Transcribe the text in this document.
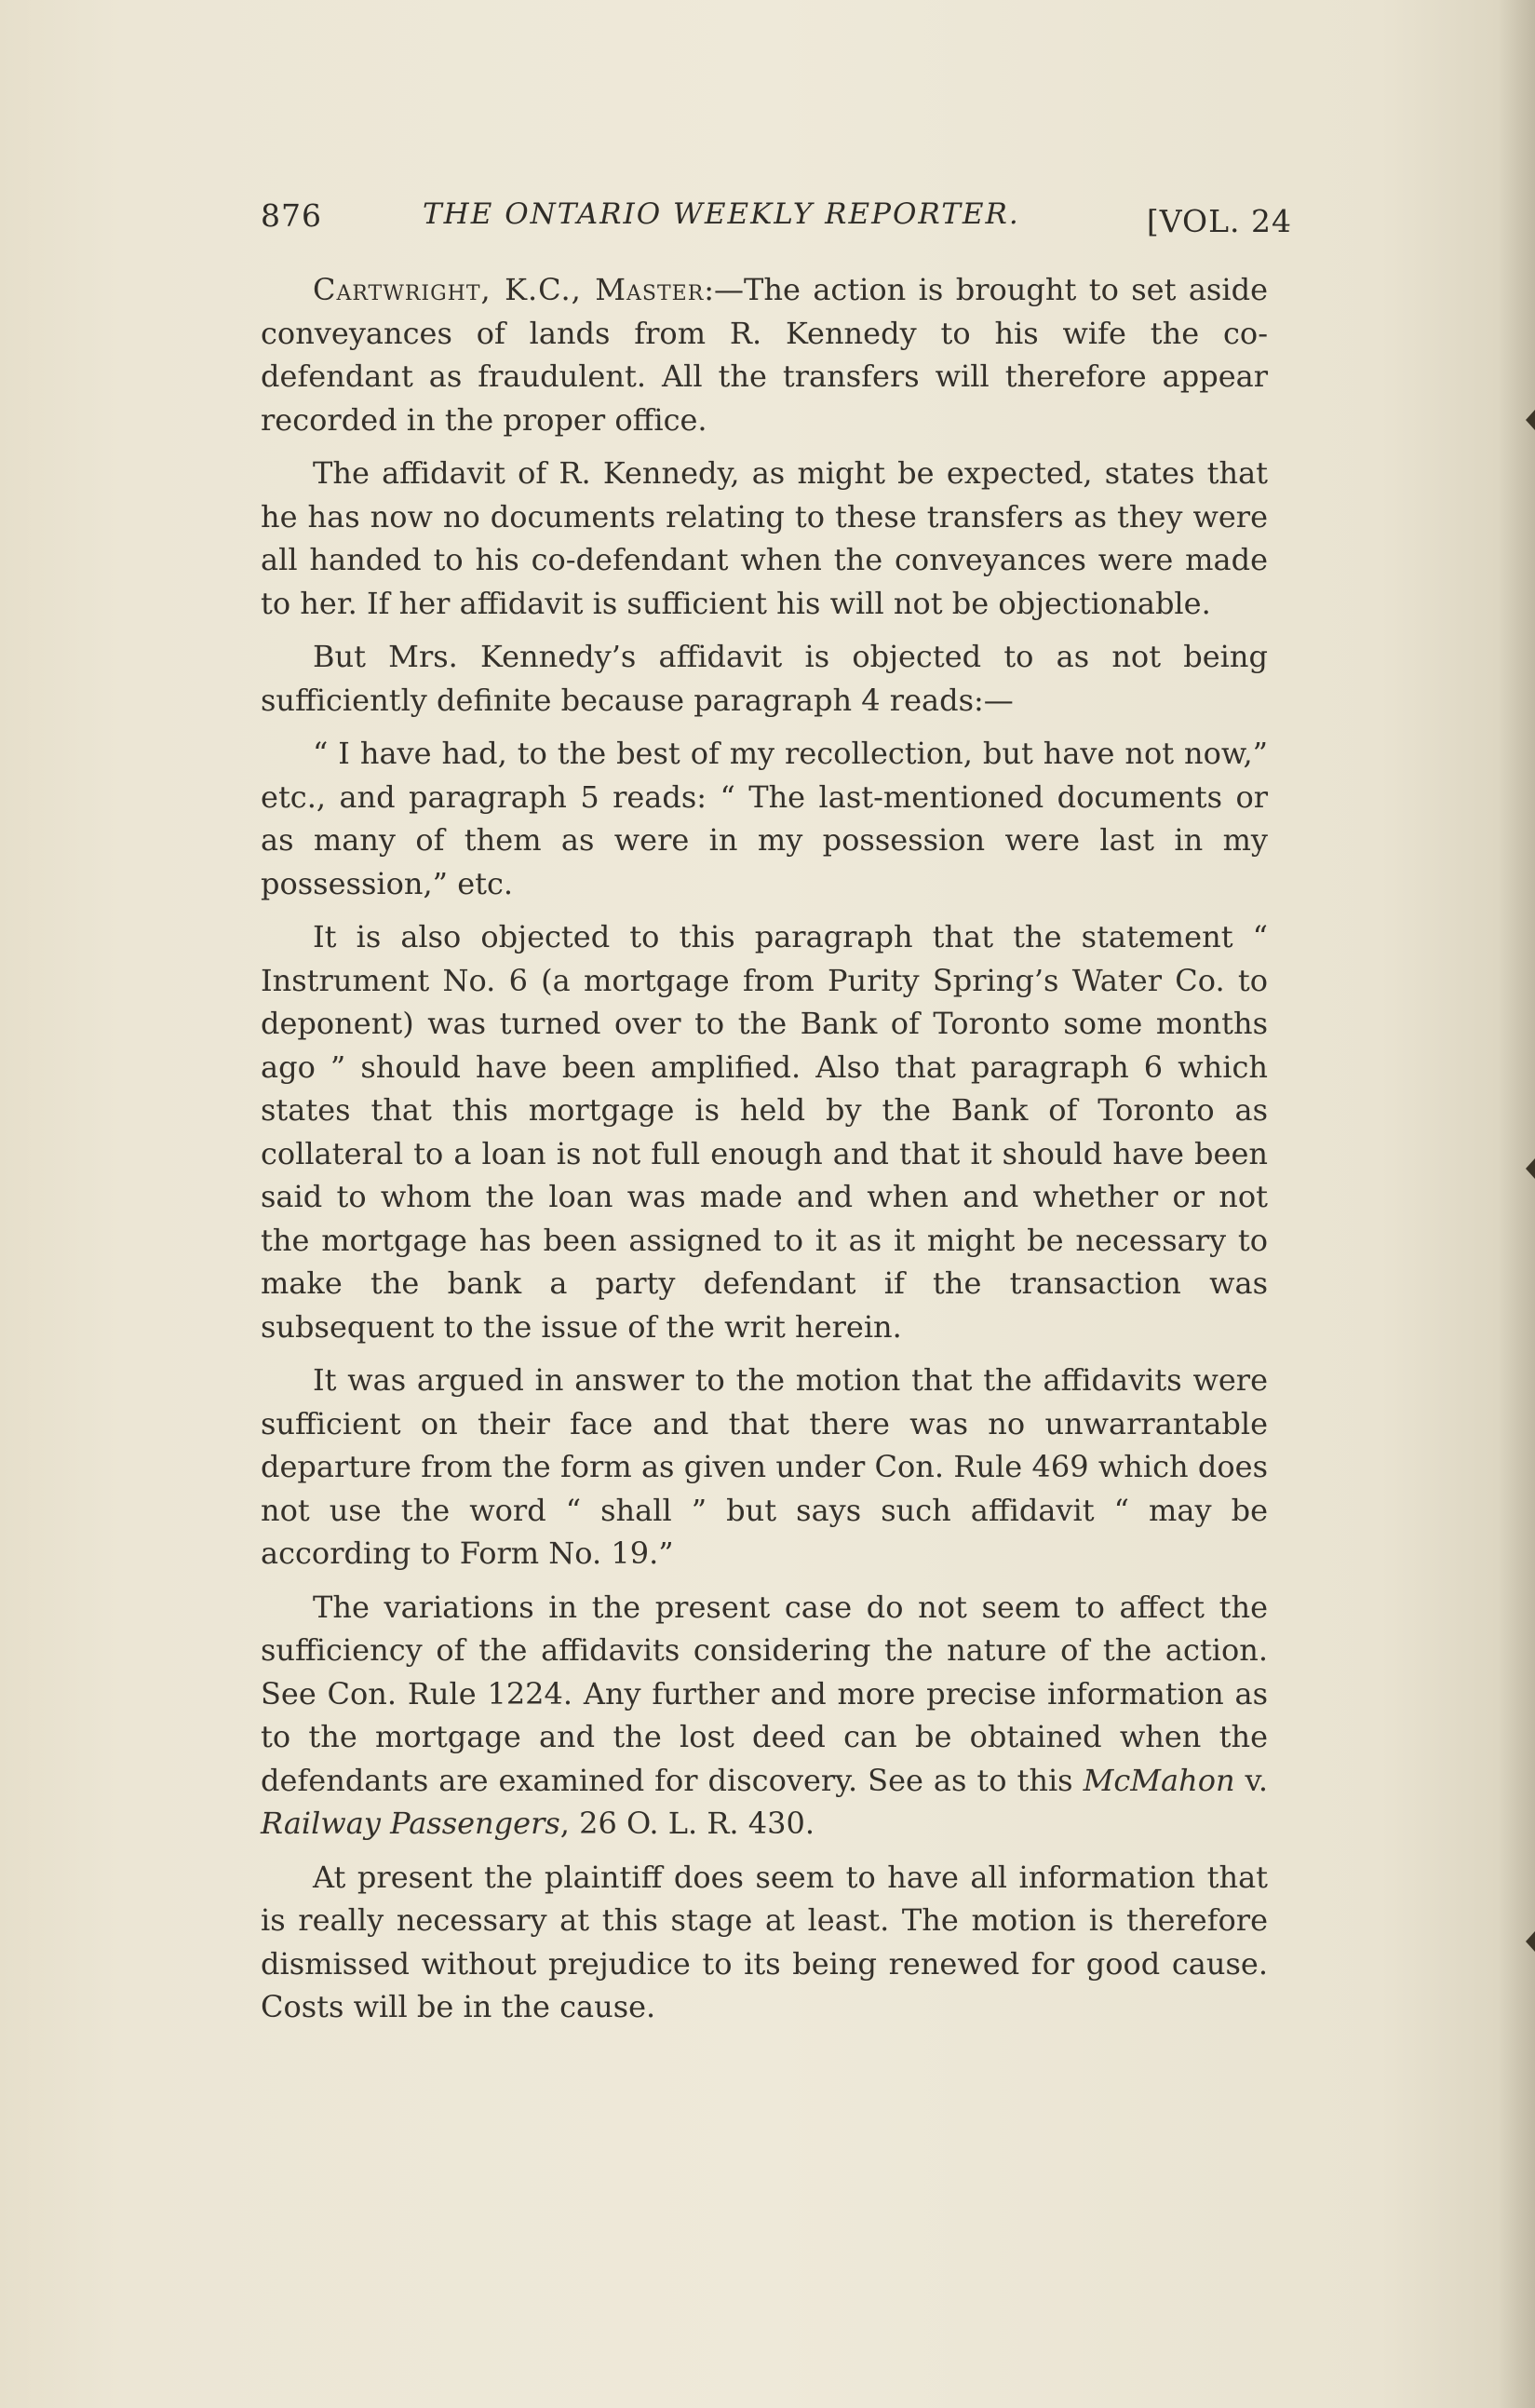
876	THE ONTARIO WEEKLY REPORTER.	[VOL. 24

Cartwright, K.C., Master:—The action is brought to set aside conveyances of lands from R. Kennedy to his wife the co-defendant as fraudulent. All the transfers will therefore appear recorded in the proper office.

The affidavit of R. Kennedy, as might be expected, states that he has now no documents relating to these transfers as they were all handed to his co-defendant when the conveyances were made to her. If her affidavit is sufficient his will not be objectionable.

But Mrs. Kennedy’s affidavit is objected to as not being sufficiently definite because paragraph 4 reads:—

“ I have had, to the best of my recollection, but have not now,” etc., and paragraph 5 reads: “ The last-mentioned documents or as many of them as were in my possession were last in my possession,” etc.

It is also objected to this paragraph that the statement “ Instrument No. 6 (a mortgage from Purity Spring’s Water Co. to deponent) was turned over to the Bank of Toronto some months ago ” should have been amplified. Also that paragraph 6 which states that this mortgage is held by the Bank of Toronto as collateral to a loan is not full enough and that it should have been said to whom the loan was made and when and whether or not the mortgage has been assigned to it as it might be necessary to make the bank a party defendant if the transaction was subsequent to the issue of the writ herein.

It was argued in answer to the motion that the affidavits were sufficient on their face and that there was no unwarrantable departure from the form as given under Con. Rule 469 which does not use the word “ shall ” but says such affidavit “ may be according to Form No. 19.”

The variations in the present case do not seem to affect the sufficiency of the affidavits considering the nature of the action. See Con. Rule 1224. Any further and more precise information as to the mortgage and the lost deed can be obtained when the defendants are examined for discovery. See as to this McMahon v. Railway Passengers, 26 O. L. R. 430.

At present the plaintiff does seem to have all information that is really necessary at this stage at least. The motion is therefore dismissed without prejudice to its being renewed for good cause. Costs will be in the cause.
